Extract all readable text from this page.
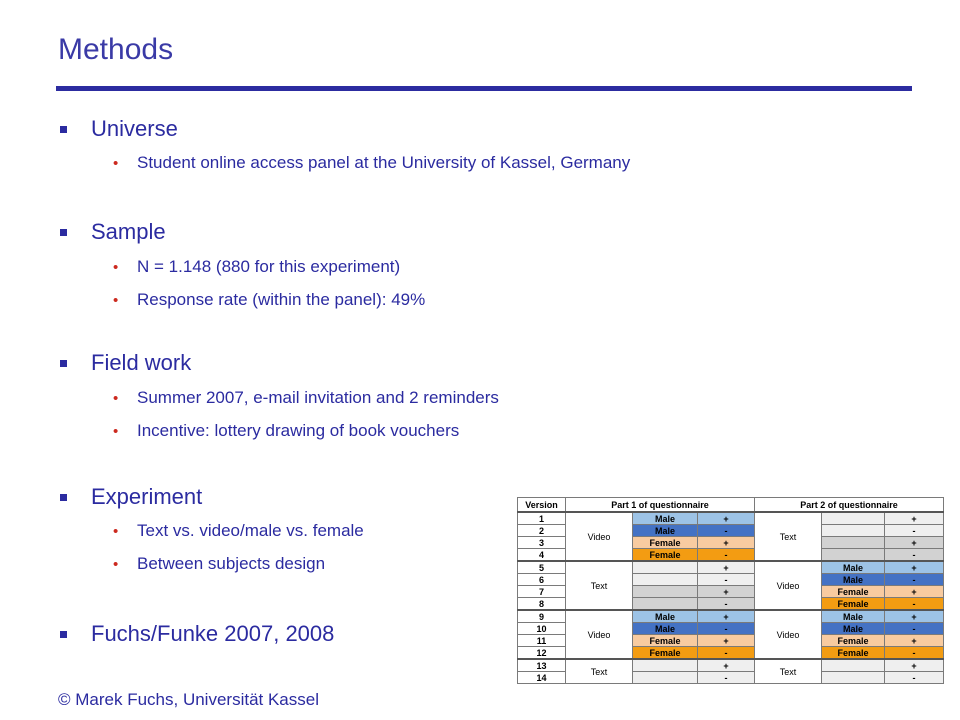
Methods
Universe
• Student online access panel at the University of Kassel, Germany
Sample
• N = 1.148 (880 for this experiment)
• Response rate (within the panel): 49%
Field work
• Summer 2007, e-mail invitation and 2 reminders
• Incentive: lottery drawing of book vouchers
Experiment
• Text vs. video/male vs. female
• Between subjects design
Fuchs/Funke 2007, 2008
© Marek Fuchs, Universität Kassel
Version	Part 1 of questionnaire			Part 2 of questionnaire		
1	Video	Male	+	Text		+
2		Male	-			-
3		Female	+			+
4		Female	-			-
5	Text		+	Video	Male	+
6			-		Male	-
7			+		Female	+
8			-		Female	-
9	Video	Male	+	Video	Male	+
10		Male	-		Male	-
11		Female	+		Female	+
12		Female	-		Female	-
13	Text		+	Text		+
14			-			-
